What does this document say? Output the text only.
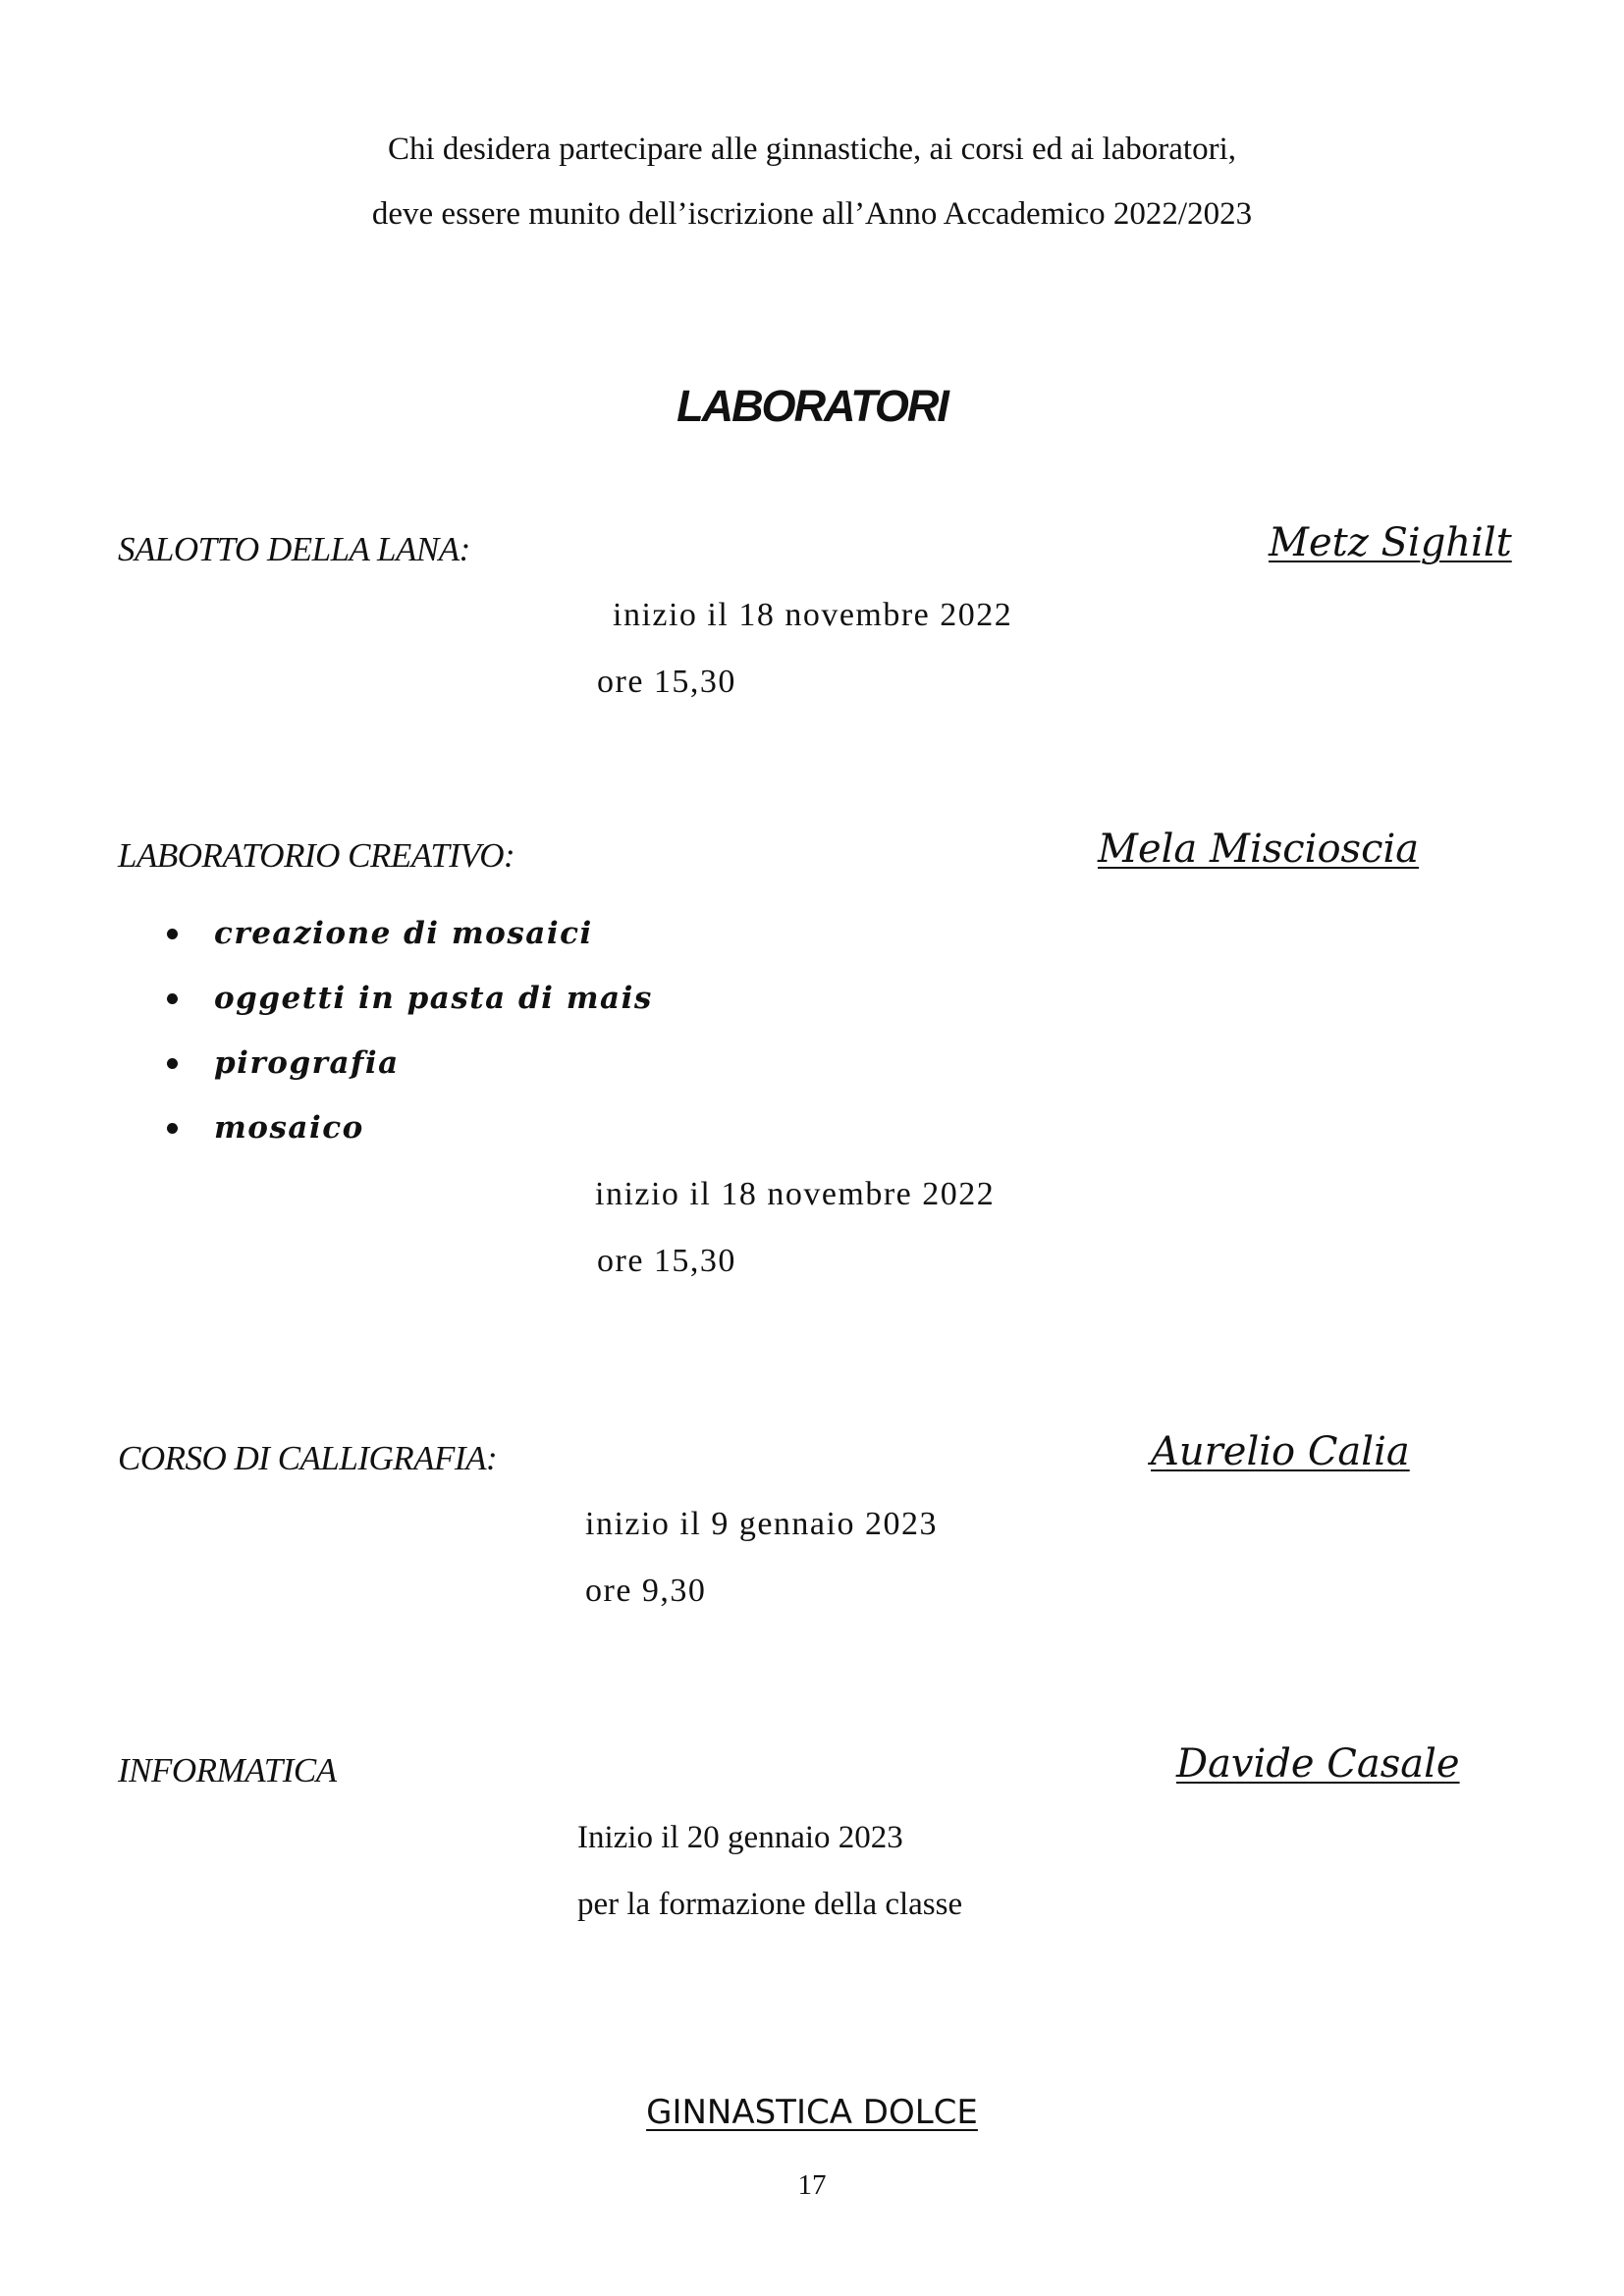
Chi desidera partecipare alle ginnastiche, ai corsi ed ai laboratori,
deve essere munito dell’iscrizione all’Anno Accademico 2022/2023
LABORATORI
SALOTTO DELLA LANA:	Metz Sighilt
inizio il 18 novembre 2022
ore 15,30
LABORATORIO CREATIVO:	Mela Miscioscia
creazione di mosaici
oggetti in pasta di mais
pirografia
mosaico
inizio il 18 novembre 2022
ore 15,30
CORSO DI CALLIGRAFIA:	Aurelio Calia
inizio il 9 gennaio 2023
ore 9,30
INFORMATICA	Davide Casale
Inizio il 20 gennaio 2023
per la formazione della classe
GINNASTICA DOLCE
17
